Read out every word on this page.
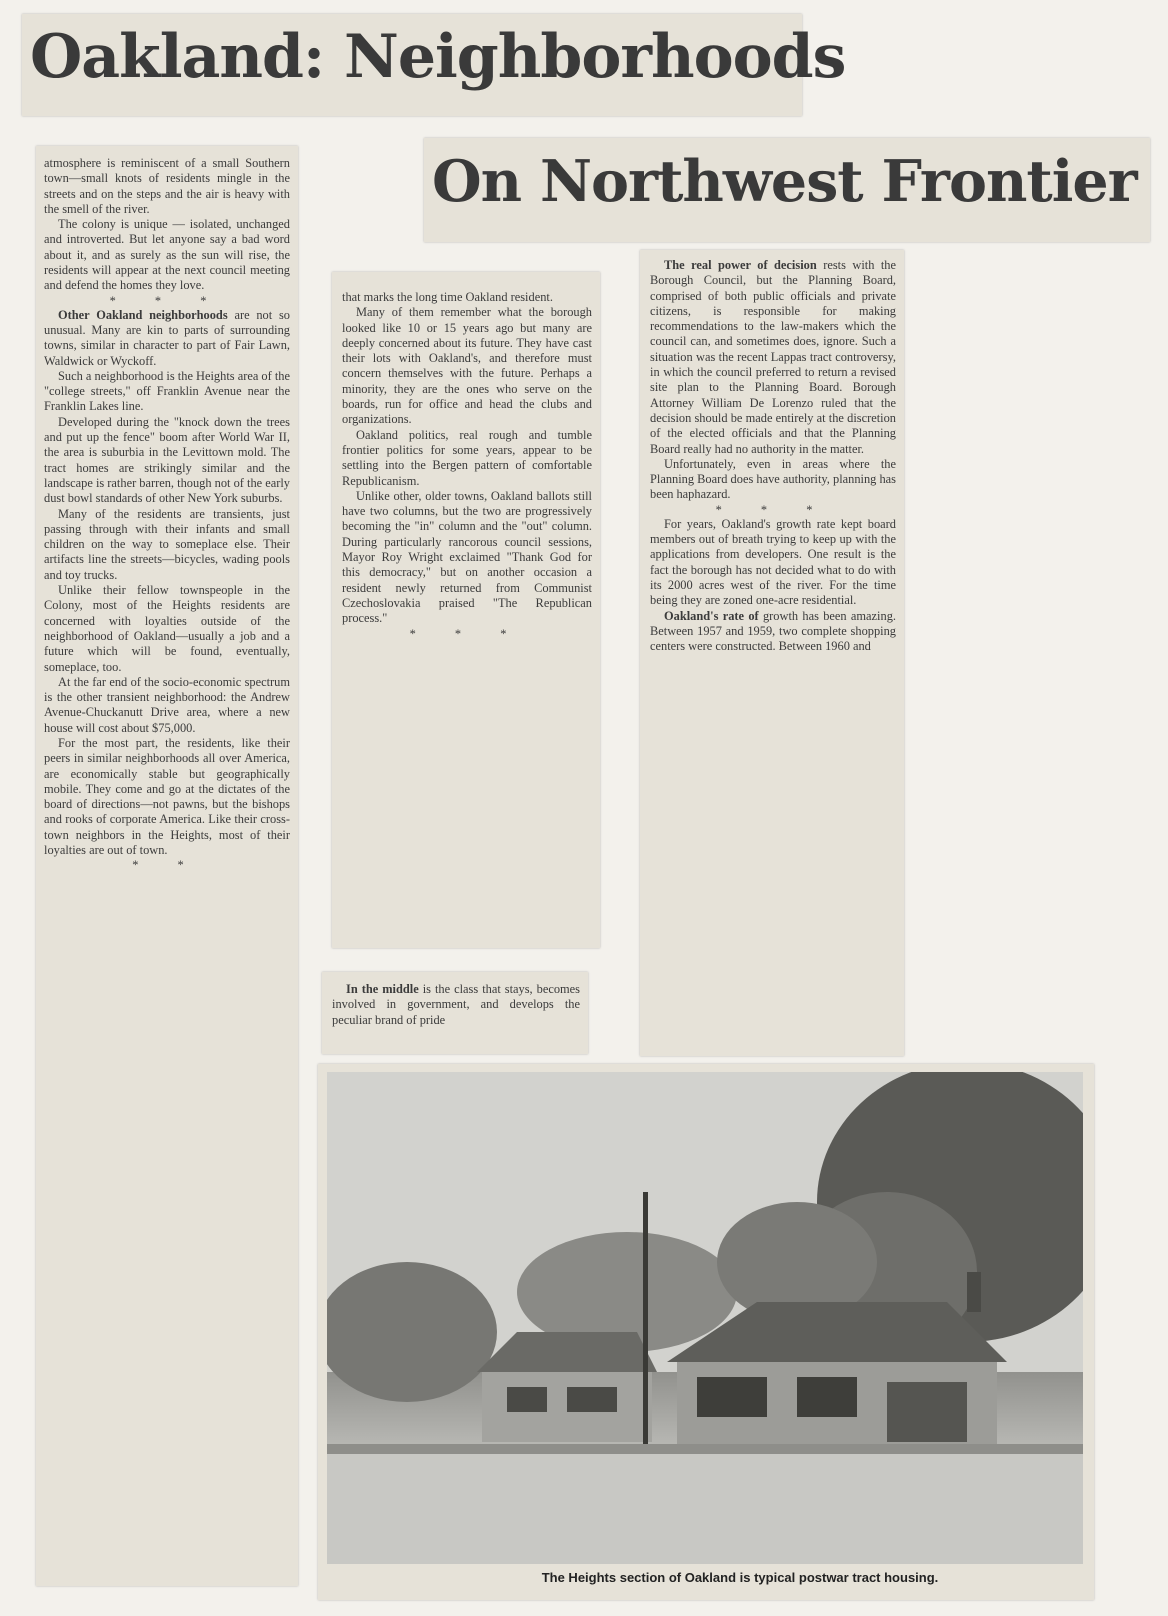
Oakland: Neighborhoods
On Northwest Frontier

atmosphere is reminiscent of a small Southern town—small knots of residents mingle in the streets and on the steps and the air is heavy with the smell of the river.

The colony is unique — isolated, unchanged and introverted. But let anyone say a bad word about it, and as surely as the sun will rise, the residents will appear at the next council meeting and defend the homes they love.

* * *

Other Oakland neighborhoods are not so unusual. Many are kin to parts of surrounding towns, similar in character to part of Fair Lawn, Waldwick or Wyckoff.

Such a neighborhood is the Heights area of the "college streets," off Franklin Avenue near the Franklin Lakes line.

Developed during the "knock down the trees and put up the fence" boom after World War II, the area is suburbia in the Levittown mold. The tract homes are strikingly similar and the landscape is rather barren, though not of the early dust bowl standards of other New York suburbs.

Many of the residents are transients, just passing through with their infants and small children on the way to someplace else. Their artifacts line the streets—bicycles, wading pools and toy trucks.

Unlike their fellow townspeople in the Colony, most of the Heights residents are concerned with loyalties outside of the neighborhood of Oakland—usually a job and a future which will be found, eventually, someplace, too.

At the far end of the socio-economic spectrum is the other transient neighborhood: the Andrew Avenue-Chuckanutt Drive area, where a new house will cost about $75,000.

For the most part, the residents, like their peers in similar neighborhoods all over America, are economically stable but geographically mobile. They come and go at the dictates of the board of directions—not pawns, but the bishops and rooks of corporate America. Like their cross-town neighbors in the Heights, most of their loyalties are out of town.

* *

that marks the long time Oakland resident.

Many of them remember what the borough looked like 10 or 15 years ago but many are deeply concerned about its future. They have cast their lots with Oakland's, and therefore must concern themselves with the future. Perhaps a minority, they are the ones who serve on the boards, run for office and head the clubs and organizations.

Oakland politics, real rough and tumble frontier politics for some years, appear to be settling into the Bergen pattern of comfortable Republicanism.

Unlike other, older towns, Oakland ballots still have two columns, but the two are progressively becoming the "in" column and the "out" column. During particularly rancorous council sessions, Mayor Roy Wright exclaimed "Thank God for this democracy," but on another occasion a resident newly returned from Communist Czechoslovakia praised "The Republican process."

* * *

In the middle is the class that stays, becomes involved in government, and develops the peculiar brand of pride

The real power of decision rests with the Borough Council, but the Planning Board, comprised of both public officials and private citizens, is responsible for making recommendations to the law-makers which the council can, and sometimes does, ignore. Such a situation was the recent Lappas tract controversy, in which the council preferred to return a revised site plan to the Planning Board. Borough Attorney William De Lorenzo ruled that the decision should be made entirely at the discretion of the elected officials and that the Planning Board really had no authority in the matter.

Unfortunately, even in areas where the Planning Board does have authority, planning has been haphazard.

* * *

For years, Oakland's growth rate kept board members out of breath trying to keep up with the applications from developers. One result is the fact the borough has not decided what to do with its 2000 acres west of the river. For the time being they are zoned one-acre residential.

Oakland's rate of growth has been amazing. Between 1957 and 1959, two complete shopping centers were constructed. Between 1960 and

The Heights section of Oakland is typical postwar tract housing.
